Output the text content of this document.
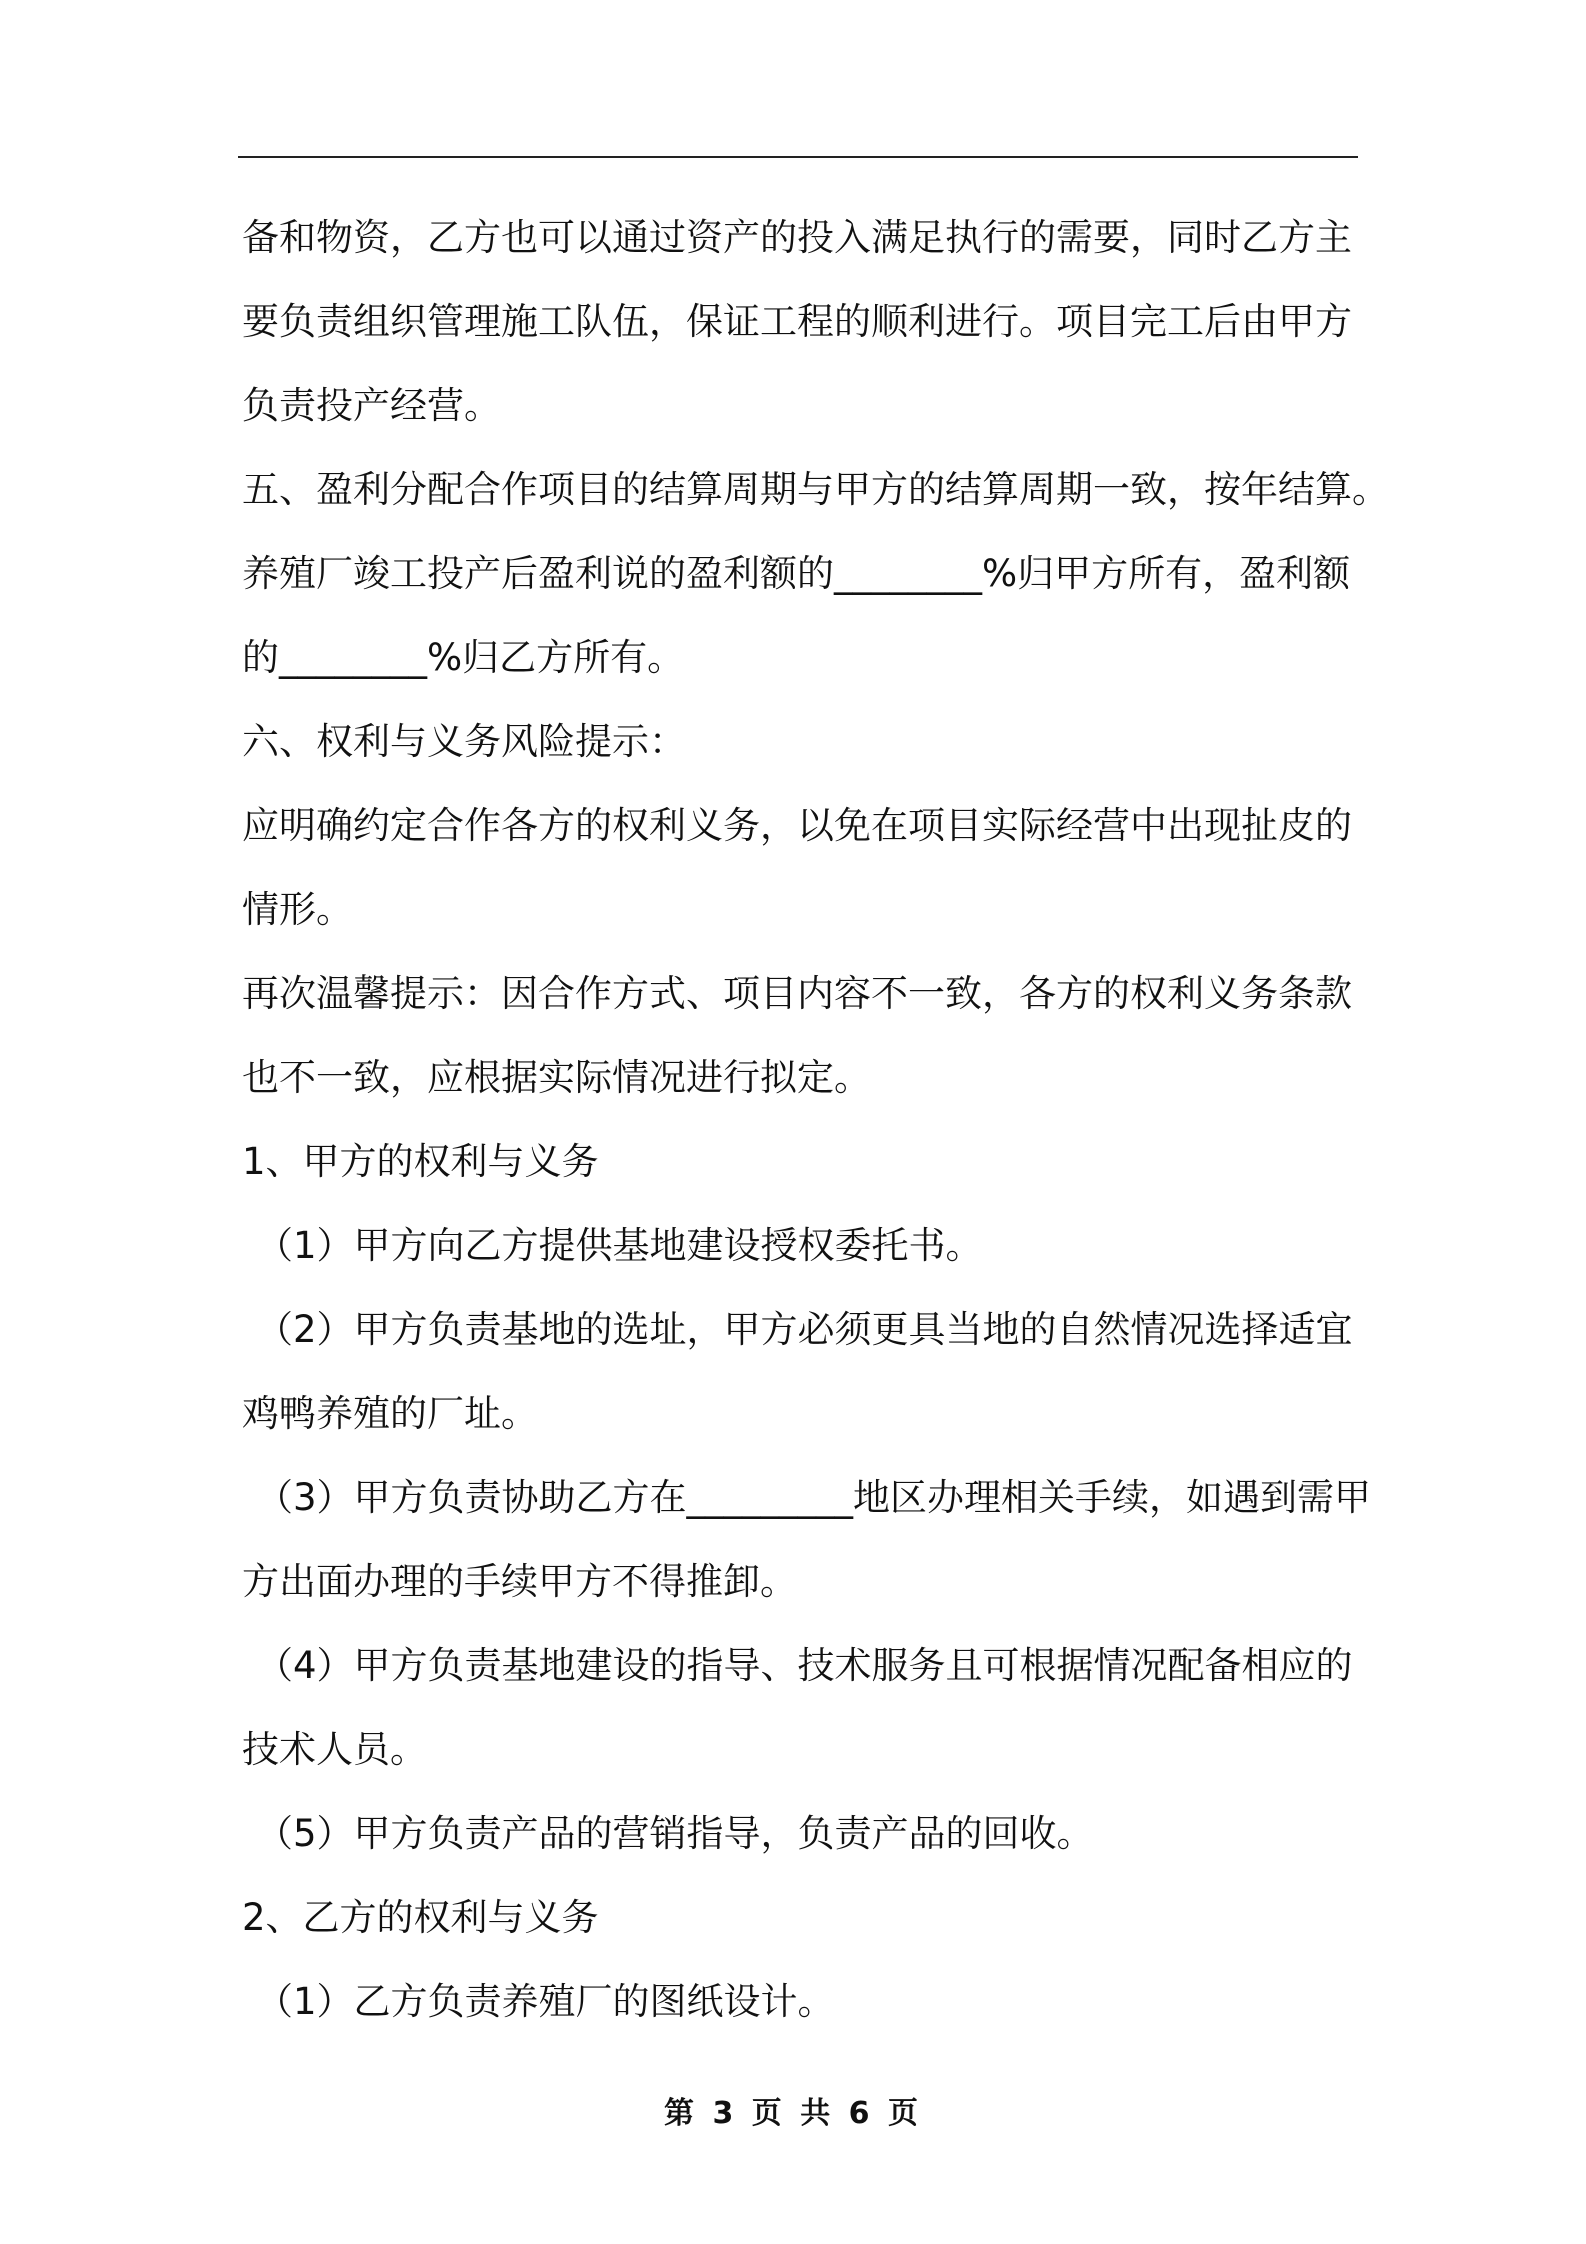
备和物资，乙方也可以通过资产的投入满足执行的需要，同时乙方主
要负责组织管理施工队伍，保证工程的顺利进行。项目完工后由甲方
负责投产经营。
五、盈利分配合作项目的结算周期与甲方的结算周期一致，按年结算。
养殖厂竣工投产后盈利说的盈利额的________%归甲方所有，盈利额
的________%归乙方所有。
六、权利与义务风险提示：
应明确约定合作各方的权利义务，以免在项目实际经营中出现扯皮的
情形。
再次温馨提示：因合作方式、项目内容不一致，各方的权利义务条款
也不一致，应根据实际情况进行拟定。
1、甲方的权利与义务
（1）甲方向乙方提供基地建设授权委托书。
（2）甲方负责基地的选址，甲方必须更具当地的自然情况选择适宜
鸡鸭养殖的厂址。
（3）甲方负责协助乙方在_________地区办理相关手续，如遇到需甲
方出面办理的手续甲方不得推卸。
（4）甲方负责基地建设的指导、技术服务且可根据情况配备相应的
技术人员。
（5）甲方负责产品的营销指导，负责产品的回收。
2、乙方的权利与义务
（1）乙方负责养殖厂的图纸设计。
第 3 页 共 6 页
